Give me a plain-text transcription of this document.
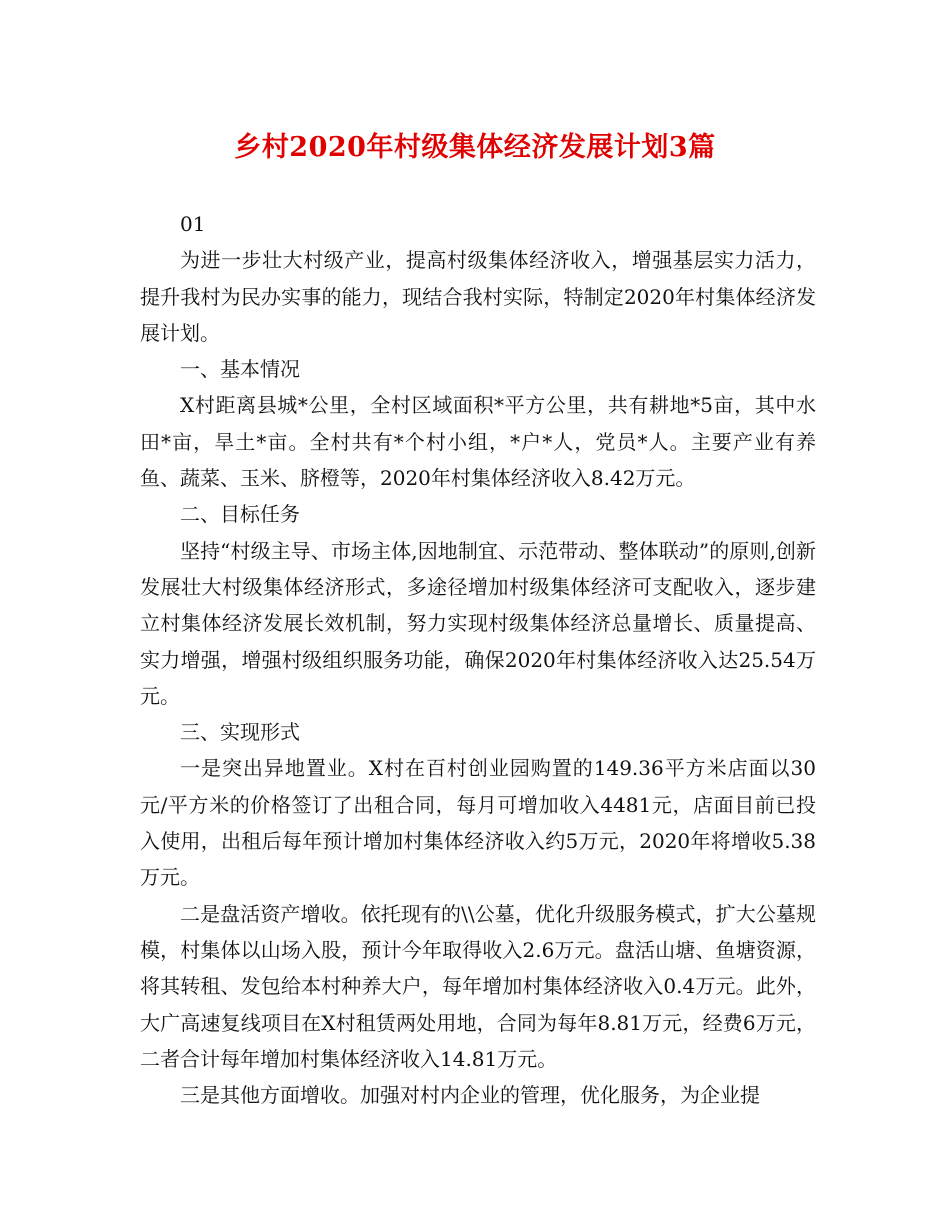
乡村2020年村级集体经济发展计划3篇

01

为进一步壮大村级产业，提高村级集体经济收入，增强基层实力活力，提升我村为民办实事的能力，现结合我村实际，特制定2020年村集体经济发展计划。

一、基本情况

X村距离县城*公里，全村区域面积*平方公里，共有耕地*5亩，其中水田*亩，旱土*亩。全村共有*个村小组，*户*人，党员*人。主要产业有养鱼、蔬菜、玉米、脐橙等，2020年村集体经济收入8.42万元。

二、目标任务

坚持“村级主导、市场主体,因地制宜、示范带动、整体联动”的原则,创新发展壮大村级集体经济形式，多途径增加村级集体经济可支配收入，逐步建立村集体经济发展长效机制，努力实现村级集体经济总量增长、质量提高、实力增强，增强村级组织服务功能，确保2020年村集体经济收入达25.54万元。

三、实现形式

一是突出异地置业。X村在百村创业园购置的149.36平方米店面以30元/平方米的价格签订了出租合同，每月可增加收入4481元，店面目前已投入使用，出租后每年预计增加村集体经济收入约5万元，2020年将增收5.38万元。

二是盘活资产增收。依托现有的\\公墓，优化升级服务模式，扩大公墓规模，村集体以山场入股，预计今年取得收入2.6万元。盘活山塘、鱼塘资源，将其转租、发包给本村种养大户，每年增加村集体经济收入0.4万元。此外，大广高速复线项目在X村租赁两处用地，合同为每年8.81万元，经费6万元，二者合计每年增加村集体经济收入14.81万元。

三是其他方面增收。加强对村内企业的管理，优化服务，为企业提
